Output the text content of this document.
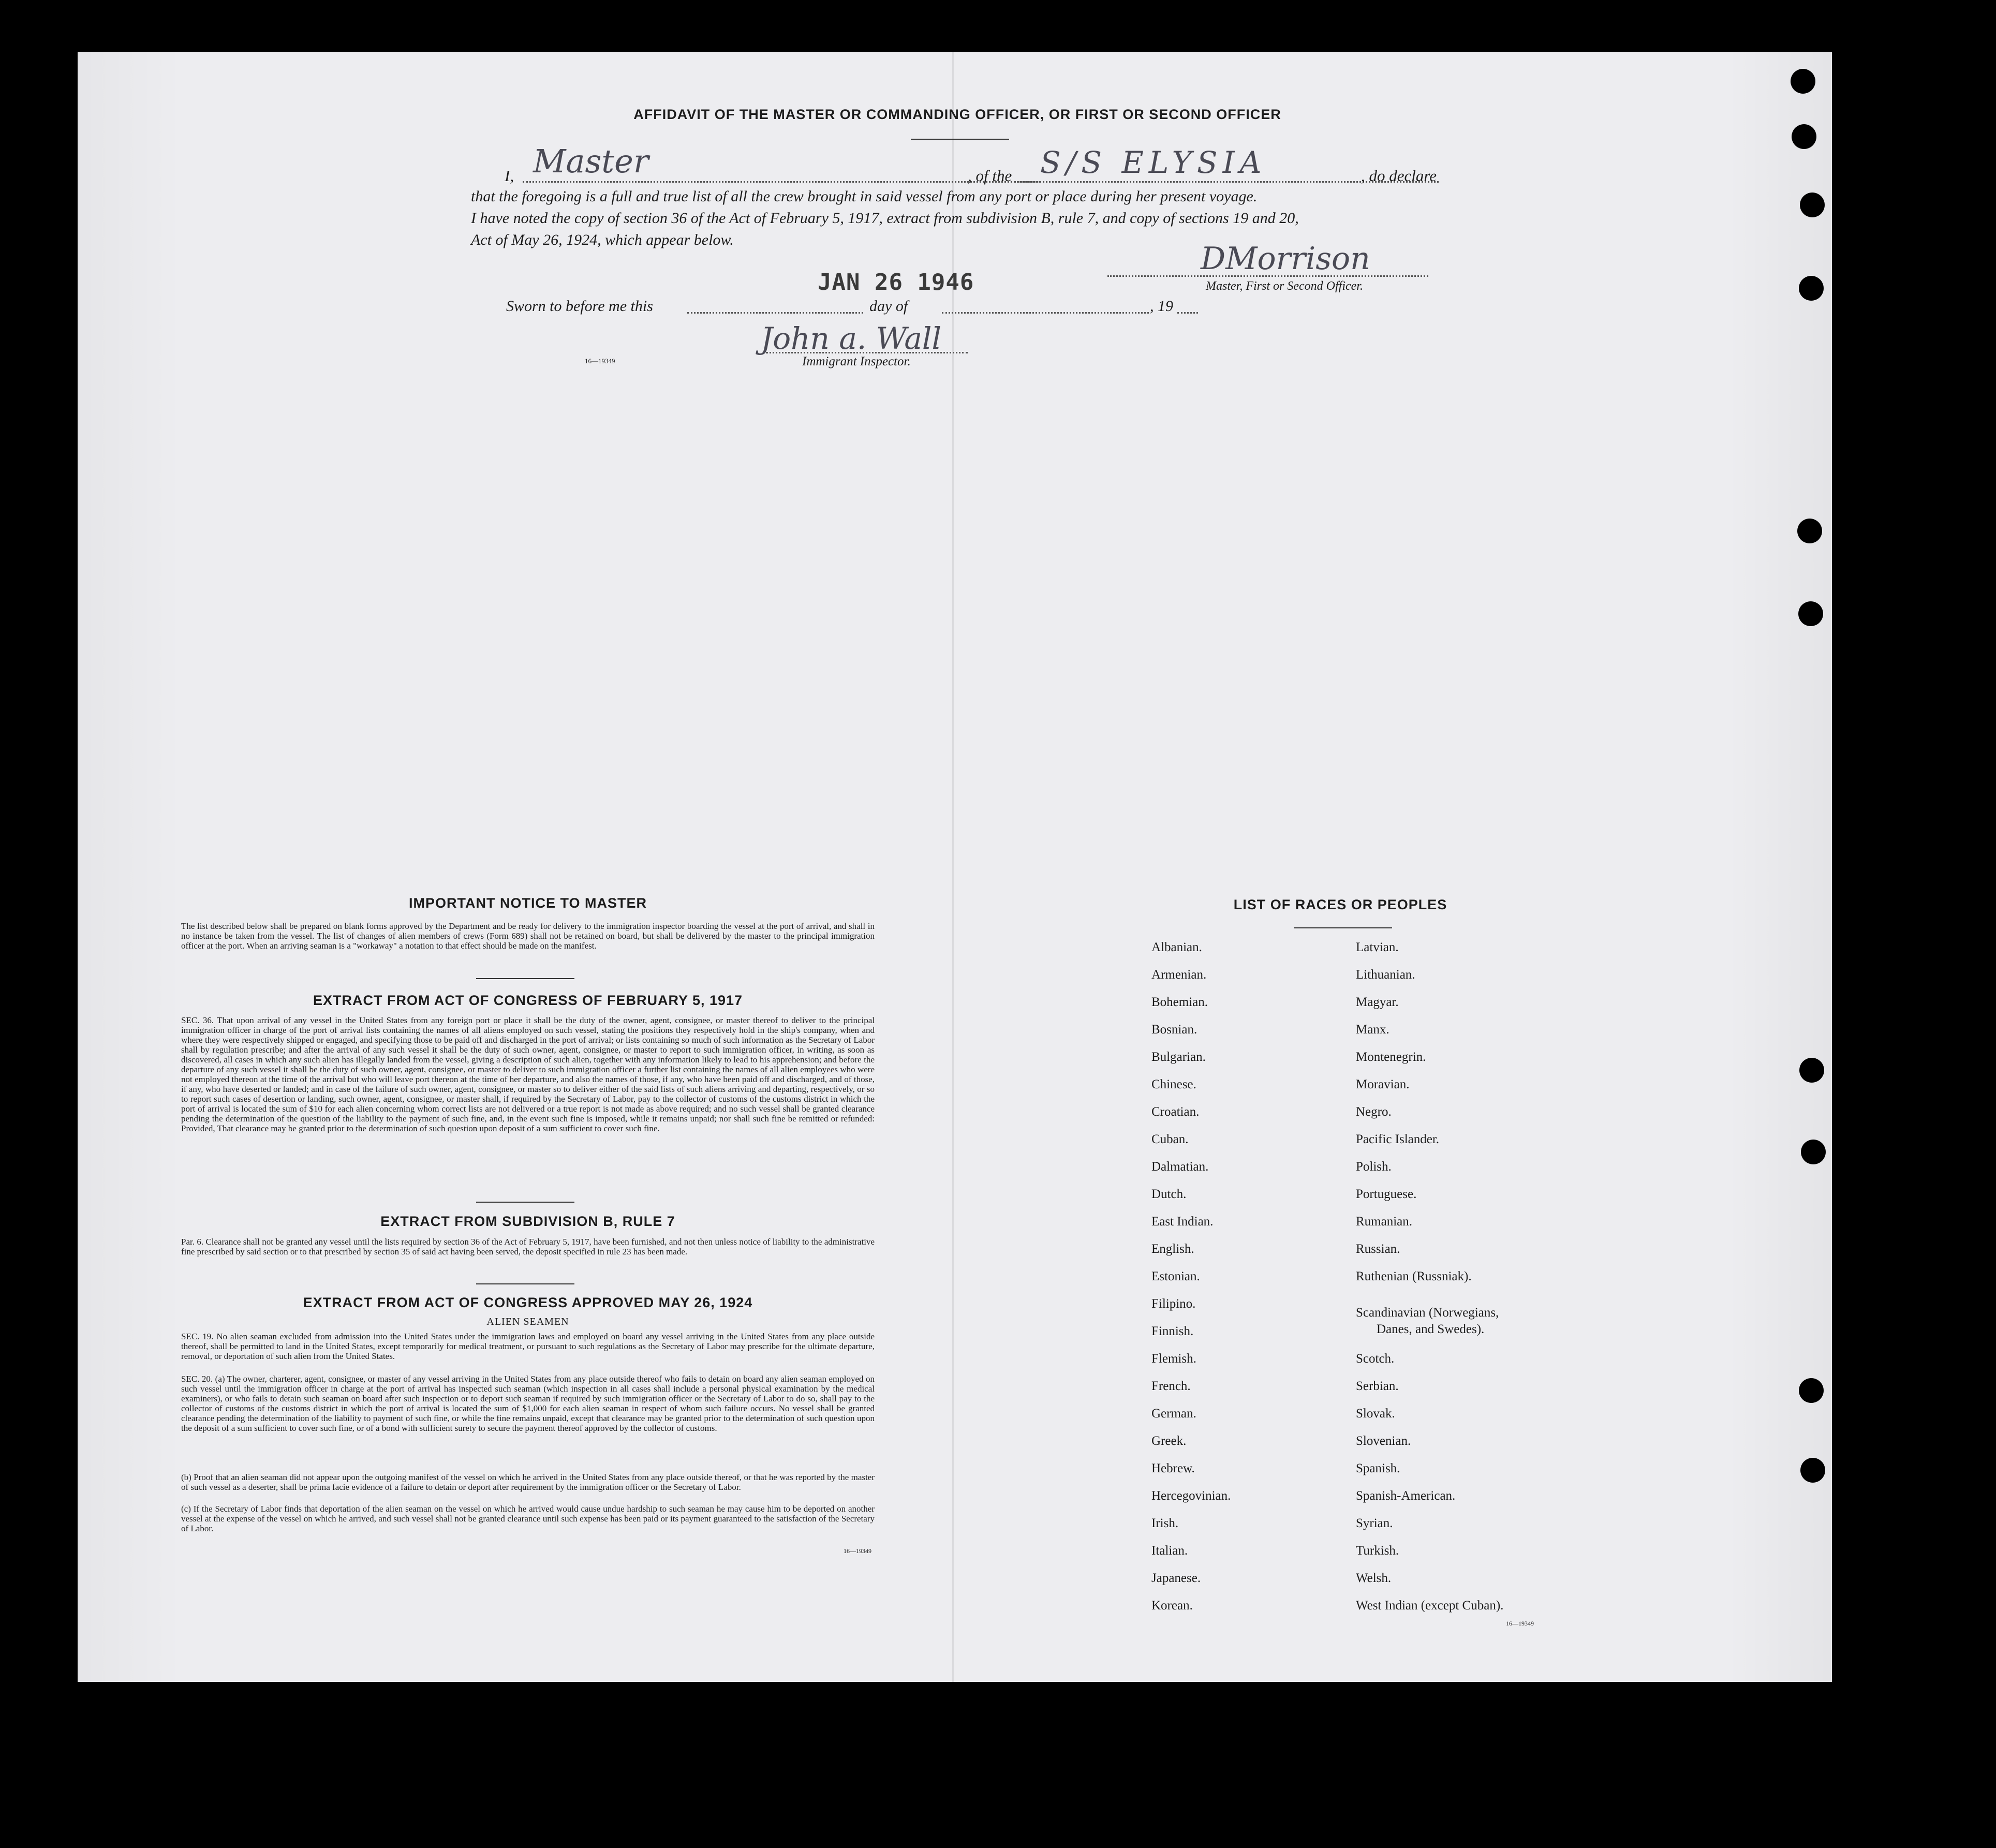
AFFIDAVIT OF THE MASTER OR COMMANDING OFFICER, OR FIRST OR SECOND OFFICER
I, Master	, of the S/S ELYSIA	, do declare
that the foregoing is a full and true list of all the crew brought in said vessel from any port or place during her present voyage.
I have noted the copy of section 36 of the Act of February 5, 1917, extract from subdivision B, rule 7, and copy of sections 19 and 20,
Act of May 26, 1924, which appear below.
JAN 26 1946
DMorrison
Master, First or Second Officer.
Sworn to before me this	day of	, 19
16—19349
John a. Wall
Immigrant Inspector.
IMPORTANT NOTICE TO MASTER
The list described below shall be prepared on blank forms approved by the Department and be ready for delivery to the immigration inspector boarding the vessel at the port of arrival, and shall in no instance be taken from the vessel. The list of changes of alien members of crews (Form 689) shall not be retained on board, but shall be delivered by the master to the principal immigration officer at the port. When an arriving seaman is a "workaway" a notation to that effect should be made on the manifest.
EXTRACT FROM ACT OF CONGRESS OF FEBRUARY 5, 1917
SEC. 36. That upon arrival of any vessel in the United States from any foreign port or place it shall be the duty of the owner, agent, consignee, or master thereof to deliver to the principal immigration officer in charge of the port of arrival lists containing the names of all aliens employed on such vessel, stating the positions they respectively hold in the ship's company, when and where they were respectively shipped or engaged, and specifying those to be paid off and discharged in the port of arrival; or lists containing so much of such information as the Secretary of Labor shall by regulation prescribe; and after the arrival of any such vessel it shall be the duty of such owner, agent, consignee, or master to report to such immigration officer, in writing, as soon as discovered, all cases in which any such alien has illegally landed from the vessel, giving a description of such alien, together with any information likely to lead to his apprehension; and before the departure of any such vessel it shall be the duty of such owner, agent, consignee, or master to deliver to such immigration officer a further list containing the names of all alien employees who were not employed thereon at the time of the arrival but who will leave port thereon at the time of her departure, and also the names of those, if any, who have been paid off and discharged, and of those, if any, who have deserted or landed; and in case of the failure of such owner, agent, consignee, or master so to deliver either of the said lists of such aliens arriving and departing, respectively, or so to report such cases of desertion or landing, such owner, agent, consignee, or master shall, if required by the Secretary of Labor, pay to the collector of customs of the customs district in which the port of arrival is located the sum of $10 for each alien concerning whom correct lists are not delivered or a true report is not made as above required; and no such vessel shall be granted clearance pending the determination of the question of the liability to the payment of such fine, and, in the event such fine is imposed, while it remains unpaid; nor shall such fine be remitted or refunded: Provided, That clearance may be granted prior to the determination of such question upon deposit of a sum sufficient to cover such fine.
EXTRACT FROM SUBDIVISION B, RULE 7
Par. 6. Clearance shall not be granted any vessel until the lists required by section 36 of the Act of February 5, 1917, have been furnished, and not then unless notice of liability to the administrative fine prescribed by said section or to that prescribed by section 35 of said act having been served, the deposit specified in rule 23 has been made.
EXTRACT FROM ACT OF CONGRESS APPROVED MAY 26, 1924
ALIEN SEAMEN
SEC. 19. No alien seaman excluded from admission into the United States under the immigration laws and employed on board any vessel arriving in the United States from any place outside thereof, shall be permitted to land in the United States, except temporarily for medical treatment, or pursuant to such regulations as the Secretary of Labor may prescribe for the ultimate departure, removal, or deportation of such alien from the United States.
SEC. 20. (a) The owner, charterer, agent, consignee, or master of any vessel arriving in the United States from any place outside thereof who fails to detain on board any alien seaman employed on such vessel until the immigration officer in charge at the port of arrival has inspected such seaman (which inspection in all cases shall include a personal physical examination by the medical examiners), or who fails to detain such seaman on board after such inspection or to deport such seaman if required by such immigration officer or the Secretary of Labor to do so, shall pay to the collector of customs of the customs district in which the port of arrival is located the sum of $1,000 for each alien seaman in respect of whom such failure occurs. No vessel shall be granted clearance pending the determination of the liability to payment of such fine, or while the fine remains unpaid, except that clearance may be granted prior to the determination of such question upon the deposit of a sum sufficient to cover such fine, or of a bond with sufficient surety to secure the payment thereof approved by the collector of customs.
(b) Proof that an alien seaman did not appear upon the outgoing manifest of the vessel on which he arrived in the United States from any place outside thereof, or that he was reported by the master of such vessel as a deserter, shall be prima facie evidence of a failure to detain or deport after requirement by the immigration officer or the Secretary of Labor.
(c) If the Secretary of Labor finds that deportation of the alien seaman on the vessel on which he arrived would cause undue hardship to such seaman he may cause him to be deported on another vessel at the expense of the vessel on which he arrived, and such vessel shall not be granted clearance until such expense has been paid or its payment guaranteed to the satisfaction of the Secretary of Labor.
16—19349
LIST OF RACES OR PEOPLES
Albanian.
Armenian.
Bohemian.
Bosnian.
Bulgarian.
Chinese.
Croatian.
Cuban.
Dalmatian.
Dutch.
East Indian.
English.
Estonian.
Filipino.
Finnish.
Flemish.
French.
German.
Greek.
Hebrew.
Hercegovinian.
Irish.
Italian.
Japanese.
Korean.
Latvian.
Lithuanian.
Magyar.
Manx.
Montenegrin.
Moravian.
Negro.
Pacific Islander.
Polish.
Portuguese.
Rumanian.
Russian.
Ruthenian (Russniak).
Scandinavian (Norwegians,
Danes, and Swedes).
Scotch.
Serbian.
Slovak.
Slovenian.
Spanish.
Spanish-American.
Syrian.
Turkish.
Welsh.
West Indian (except Cuban).
16—19349
